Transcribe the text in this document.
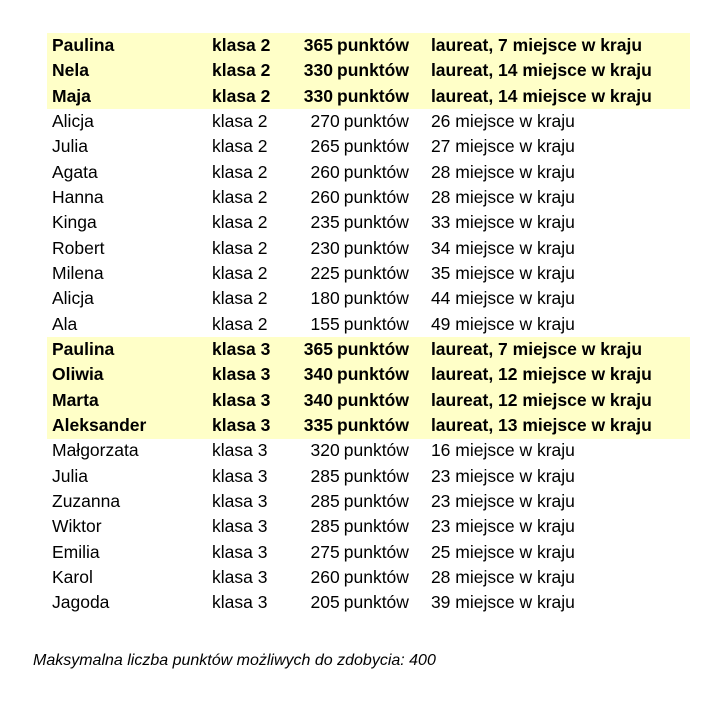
Paulina	klasa 2	365 punktów	laureat, 7 miejsce w kraju
Nela	klasa 2	330 punktów	laureat, 14 miejsce w kraju
Maja	klasa 2	330 punktów	laureat, 14 miejsce w kraju
Alicja	klasa 2	270 punktów	26 miejsce w kraju
Julia	klasa 2	265 punktów	27 miejsce w kraju
Agata	klasa 2	260 punktów	28 miejsce w kraju
Hanna	klasa 2	260 punktów	28 miejsce w kraju
Kinga	klasa 2	235 punktów	33 miejsce w kraju
Robert	klasa 2	230 punktów	34 miejsce w kraju
Milena	klasa 2	225 punktów	35 miejsce w kraju
Alicja	klasa 2	180 punktów	44 miejsce w kraju
Ala	klasa 2	155 punktów	49 miejsce w kraju
Paulina	klasa 3	365 punktów	laureat, 7 miejsce w kraju
Oliwia	klasa 3	340 punktów	laureat, 12 miejsce w kraju
Marta	klasa 3	340 punktów	laureat, 12 miejsce w kraju
Aleksander	klasa 3	335 punktów	laureat, 13 miejsce w kraju
Małgorzata	klasa 3	320 punktów	16 miejsce w kraju
Julia	klasa 3	285 punktów	23 miejsce w kraju
Zuzanna	klasa 3	285 punktów	23 miejsce w kraju
Wiktor	klasa 3	285 punktów	23 miejsce w kraju
Emilia	klasa 3	275 punktów	25 miejsce w kraju
Karol	klasa 3	260 punktów	28 miejsce w kraju
Jagoda	klasa 3	205 punktów	39 miejsce w kraju

Maksymalna liczba punktów możliwych do zdobycia: 400
